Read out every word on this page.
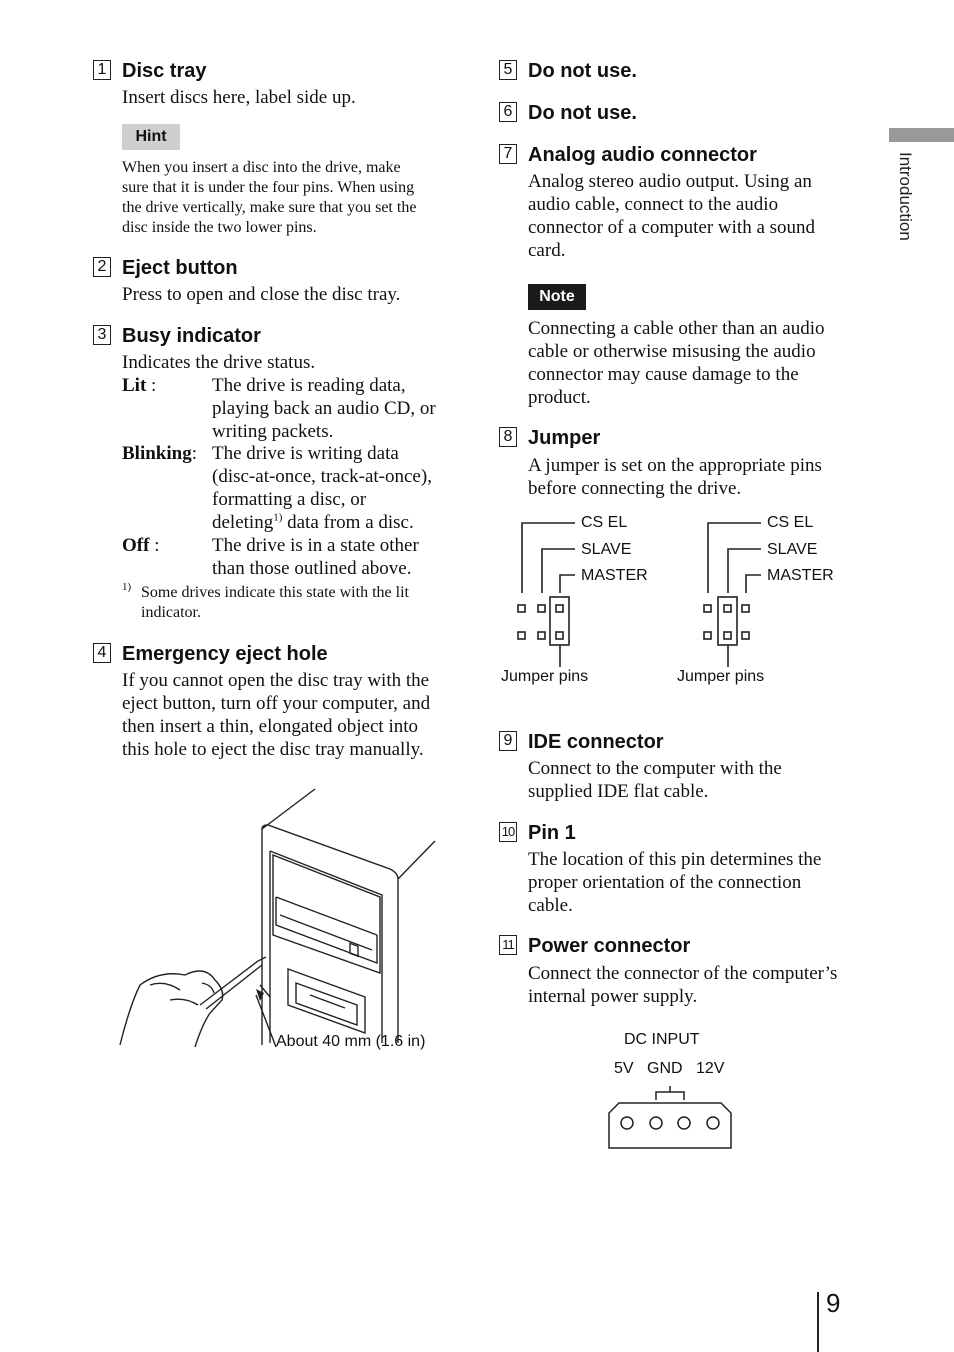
1 Disc tray
Insert discs here, label side up.
Hint
When you insert a disc into the drive, make
sure that it is under the four pins. When using
the drive vertically, make sure that you set the
disc inside the two lower pins.
2 Eject button
Press to open and close the disc tray.
3 Busy indicator
Indicates the drive status.
Lit :	The drive is reading data,
playing back an audio CD, or
writing packets.
Blinking: The drive is writing data
(disc-at-once, track-at-once),
formatting a disc, or
deleting$^{1)}$ data from a disc.
Off :	The drive is in a state other
than those outlined above.
1) Some drives indicate this state with the lit
indicator.
4 Emergency eject hole
If you cannot open the disc tray with the
eject button, turn off your computer, and
then insert a thin, elongated object into
this hole to eject the disc tray manually.
About 40 mm (1.6 in)
5 Do not use.
6 Do not use.
7 Analog audio connector
Analog stereo audio output. Using an
audio cable, connect to the audio
connector of a computer with a sound
card.
Note
Connecting a cable other than an audio
cable or otherwise misusing the audio
connector may cause damage to the
product.
8 Jumper
A jumper is set on the appropriate pins
before connecting the drive.
CS EL
SLAVE
MASTER
Jumper pins
CS EL
SLAVE
MASTER
Jumper pins
9 IDE connector
Connect to the computer with the
supplied IDE flat cable.
10 Pin 1
The location of this pin determines the
proper orientation of the connection
cable.
11 Power connector
Connect the connector of the computer’s
internal power supply.
DC INPUT
5V GND 12V
Introduction
9
